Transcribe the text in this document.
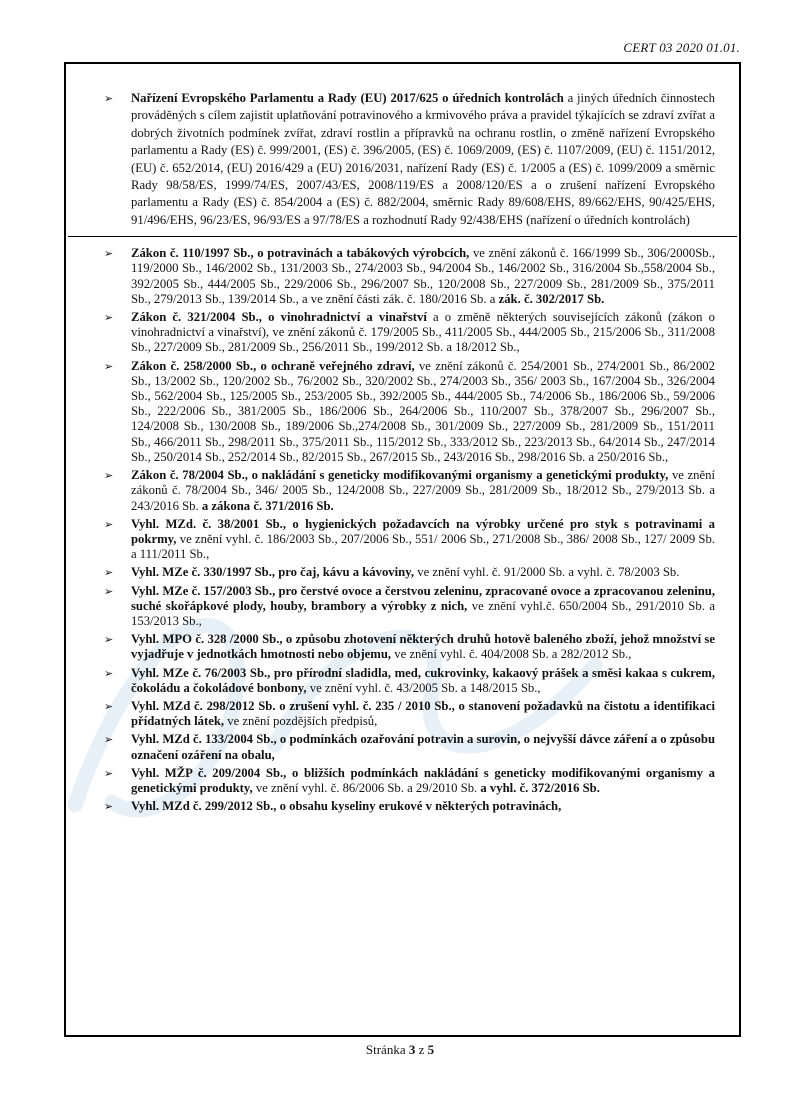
CERT 03 2020 01.01.
➢	Nařízení Evropského Parlamentu a Rady (EU) 2017/625 o úředních kontrolách a jiných úředních činnostech prováděných s cílem zajistit uplatňování potravinového a krmivového práva a pravidel týkajících se zdraví zvířat a dobrých životních podmínek zvířat, zdraví rostlin a přípravků na ochranu rostlin, o změně nařízení Evropského parlamentu a Rady (ES) č. 999/2001, (ES) č. 396/2005, (ES) č. 1069/2009, (ES) č. 1107/2009, (EU) č. 1151/2012, (EU) č. 652/2014, (EU) 2016/429 a (EU) 2016/2031, nařízení Rady (ES) č. 1/2005 a (ES) č. 1099/2009 a směrnic Rady 98/58/ES, 1999/74/ES, 2007/43/ES, 2008/119/ES a 2008/120/ES a o zrušení nařízení Evropského parlamentu a Rady (ES) č. 854/2004 a (ES) č. 882/2004, směrnic Rady 89/608/EHS, 89/662/EHS, 90/425/EHS, 91/496/EHS, 96/23/ES, 96/93/ES a 97/78/ES a rozhodnutí Rady 92/438/EHS (nařízení o úředních kontrolách)
➢	Zákon č. 110/1997 Sb., o potravinách a tabákových výrobcích, ve znění zákonů č. 166/1999 Sb., 306/2000Sb., 119/2000 Sb., 146/2002 Sb., 131/2003 Sb., 274/2003 Sb., 94/2004 Sb., 146/2002 Sb., 316/2004 Sb.,558/2004 Sb., 392/2005 Sb., 444/2005 Sb., 229/2006 Sb., 296/2007 Sb., 120/2008 Sb., 227/2009 Sb., 281/2009 Sb., 375/2011 Sb., 279/2013 Sb., 139/2014 Sb., a ve znění části zák. č. 180/2016 Sb. a zák. č. 302/2017 Sb.
➢	Zákon č. 321/2004 Sb., o vinohradnictví a vinařství a o změně některých souvisejících zákonů (zákon o vinohradnictví a vinařství), ve znění zákonů č. 179/2005 Sb., 411/2005 Sb., 444/2005 Sb., 215/2006 Sb., 311/2008 Sb., 227/2009 Sb., 281/2009 Sb., 256/2011 Sb., 199/2012 Sb. a 18/2012 Sb.,
➢	Zákon č. 258/2000 Sb., o ochraně veřejného zdraví, ve znění zákonů č. 254/2001 Sb., 274/2001 Sb., 86/2002 Sb., 13/2002 Sb., 120/2002 Sb., 76/2002 Sb., 320/2002 Sb., 274/2003 Sb., 356/ 2003 Sb., 167/2004 Sb., 326/2004 Sb., 562/2004 Sb., 125/2005 Sb., 253/2005 Sb., 392/2005 Sb., 444/2005 Sb., 74/2006 Sb., 186/2006 Sb., 59/2006 Sb., 222/2006 Sb., 381/2005 Sb., 186/2006 Sb., 264/2006 Sb., 110/2007 Sb., 378/2007 Sb., 296/2007 Sb., 124/2008 Sb., 130/2008 Sb., 189/2006 Sb.,274/2008 Sb., 301/2009 Sb., 227/2009 Sb., 281/2009 Sb., 151/2011 Sb., 466/2011 Sb., 298/2011 Sb., 375/2011 Sb., 115/2012 Sb., 333/2012 Sb., 223/2013 Sb., 64/2014 Sb., 247/2014 Sb., 250/2014 Sb., 252/2014 Sb., 82/2015 Sb., 267/2015 Sb., 243/2016 Sb., 298/2016 Sb. a 250/2016 Sb.,
➢	Zákon č. 78/2004 Sb., o nakládání s geneticky modifikovanými organismy a genetickými produkty, ve znění zákonů č. 78/2004 Sb., 346/ 2005 Sb., 124/2008 Sb., 227/2009 Sb., 281/2009 Sb., 18/2012 Sb., 279/2013 Sb. a 243/2016 Sb. a zákona č. 371/2016 Sb.
➢	Vyhl. MZd. č. 38/2001 Sb., o hygienických požadavcích na výrobky určené pro styk s potravinami a pokrmy, ve znění vyhl. č. 186/2003 Sb., 207/2006 Sb., 551/ 2006 Sb., 271/2008 Sb., 386/ 2008 Sb., 127/ 2009 Sb. a 111/2011 Sb.,
➢	Vyhl. MZe č. 330/1997 Sb., pro čaj, kávu a kávoviny, ve znění vyhl. č. 91/2000 Sb. a vyhl. č. 78/2003 Sb.
➢	Vyhl. MZe č. 157/2003 Sb., pro čerstvé ovoce a čerstvou zeleninu, zpracované ovoce a zpracovanou zeleninu, suché skořápkové plody, houby, brambory a výrobky z nich, ve znění vyhl.č. 650/2004 Sb., 291/2010 Sb. a 153/2013 Sb.,
➢	Vyhl. MPO č. 328 /2000 Sb., o způsobu zhotovení některých druhů hotově baleného zboží, jehož množství se vyjadřuje v jednotkách hmotnosti nebo objemu, ve znění vyhl. č. 404/2008 Sb. a 282/2012 Sb.,
➢	Vyhl. MZe č. 76/2003 Sb., pro přírodní sladidla, med, cukrovinky, kakaový prášek a směsi kakaa s cukrem, čokoládu a čokoládové bonbony, ve znění vyhl. č. 43/2005 Sb. a 148/2015 Sb.,
➢	Vyhl. MZd č. 298/2012 Sb. o zrušení vyhl. č. 235 / 2010 Sb., o stanovení požadavků na čistotu a identifikaci přídatných látek, ve znění pozdějších předpisů,
➢	Vyhl. MZd č. 133/2004 Sb., o podmínkách ozařování potravin a surovin, o nejvyšší dávce záření a o způsobu označení ozáření na obalu,
➢	Vyhl. MŽP č. 209/2004 Sb., o bližších podmínkách nakládání s geneticky modifikovanými organismy a genetickými produkty, ve znění vyhl. č. 86/2006 Sb. a 29/2010 Sb. a vyhl. č. 372/2016 Sb.
➢	Vyhl. MZd č. 299/2012 Sb., o obsahu kyseliny erukové v některých potravinách,
Stránka 3 z 5
